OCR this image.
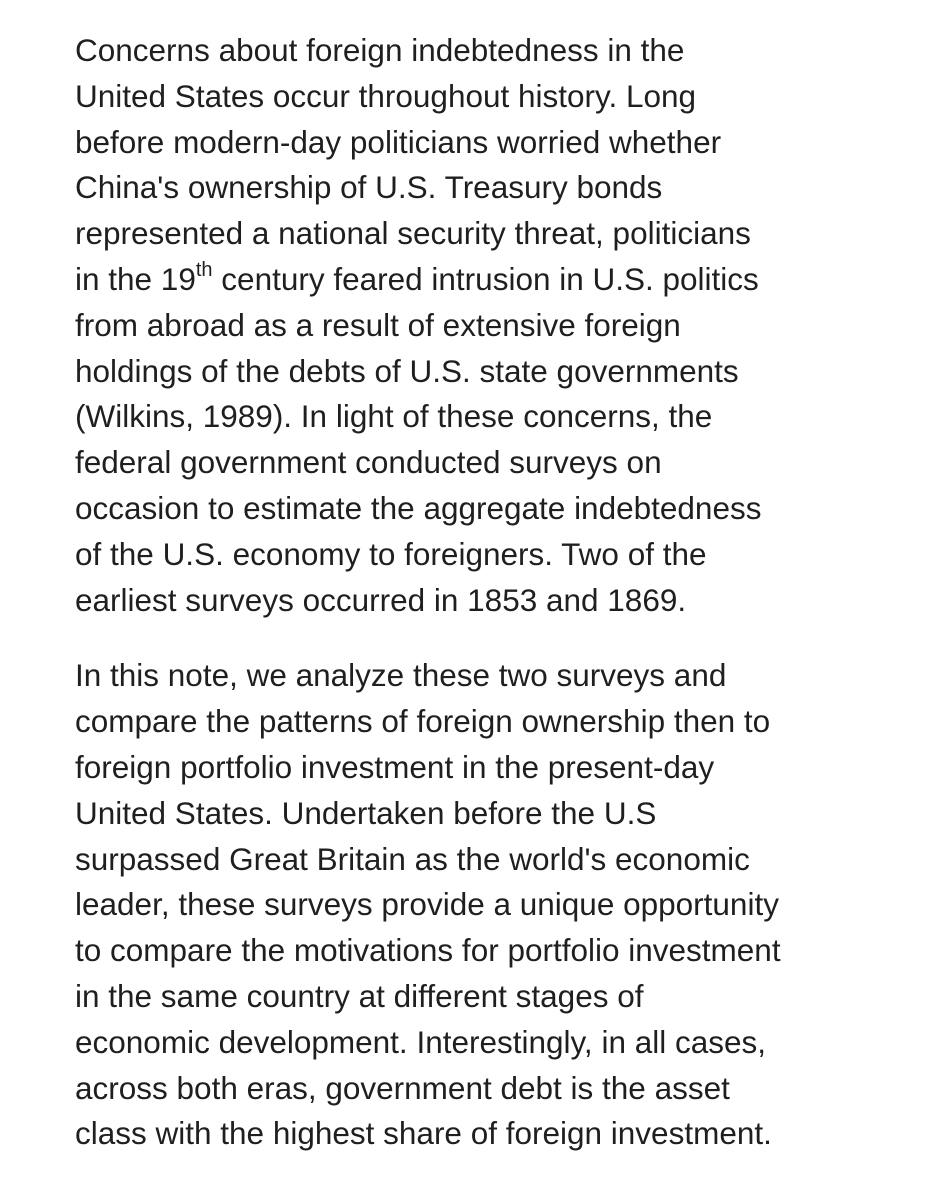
Concerns about foreign indebtedness in the
United States occur throughout history. Long
before modern-day politicians worried whether
China's ownership of U.S. Treasury bonds
represented a national security threat, politicians
in the 19th century feared intrusion in U.S. politics
from abroad as a result of extensive foreign
holdings of the debts of U.S. state governments
(Wilkins, 1989). In light of these concerns, the
federal government conducted surveys on
occasion to estimate the aggregate indebtedness
of the U.S. economy to foreigners. Two of the
earliest surveys occurred in 1853 and 1869.

In this note, we analyze these two surveys and
compare the patterns of foreign ownership then to
foreign portfolio investment in the present-day
United States. Undertaken before the U.S
surpassed Great Britain as the world's economic
leader, these surveys provide a unique opportunity
to compare the motivations for portfolio investment
in the same country at different stages of
economic development. Interestingly, in all cases,
across both eras, government debt is the asset
class with the highest share of foreign investment.
